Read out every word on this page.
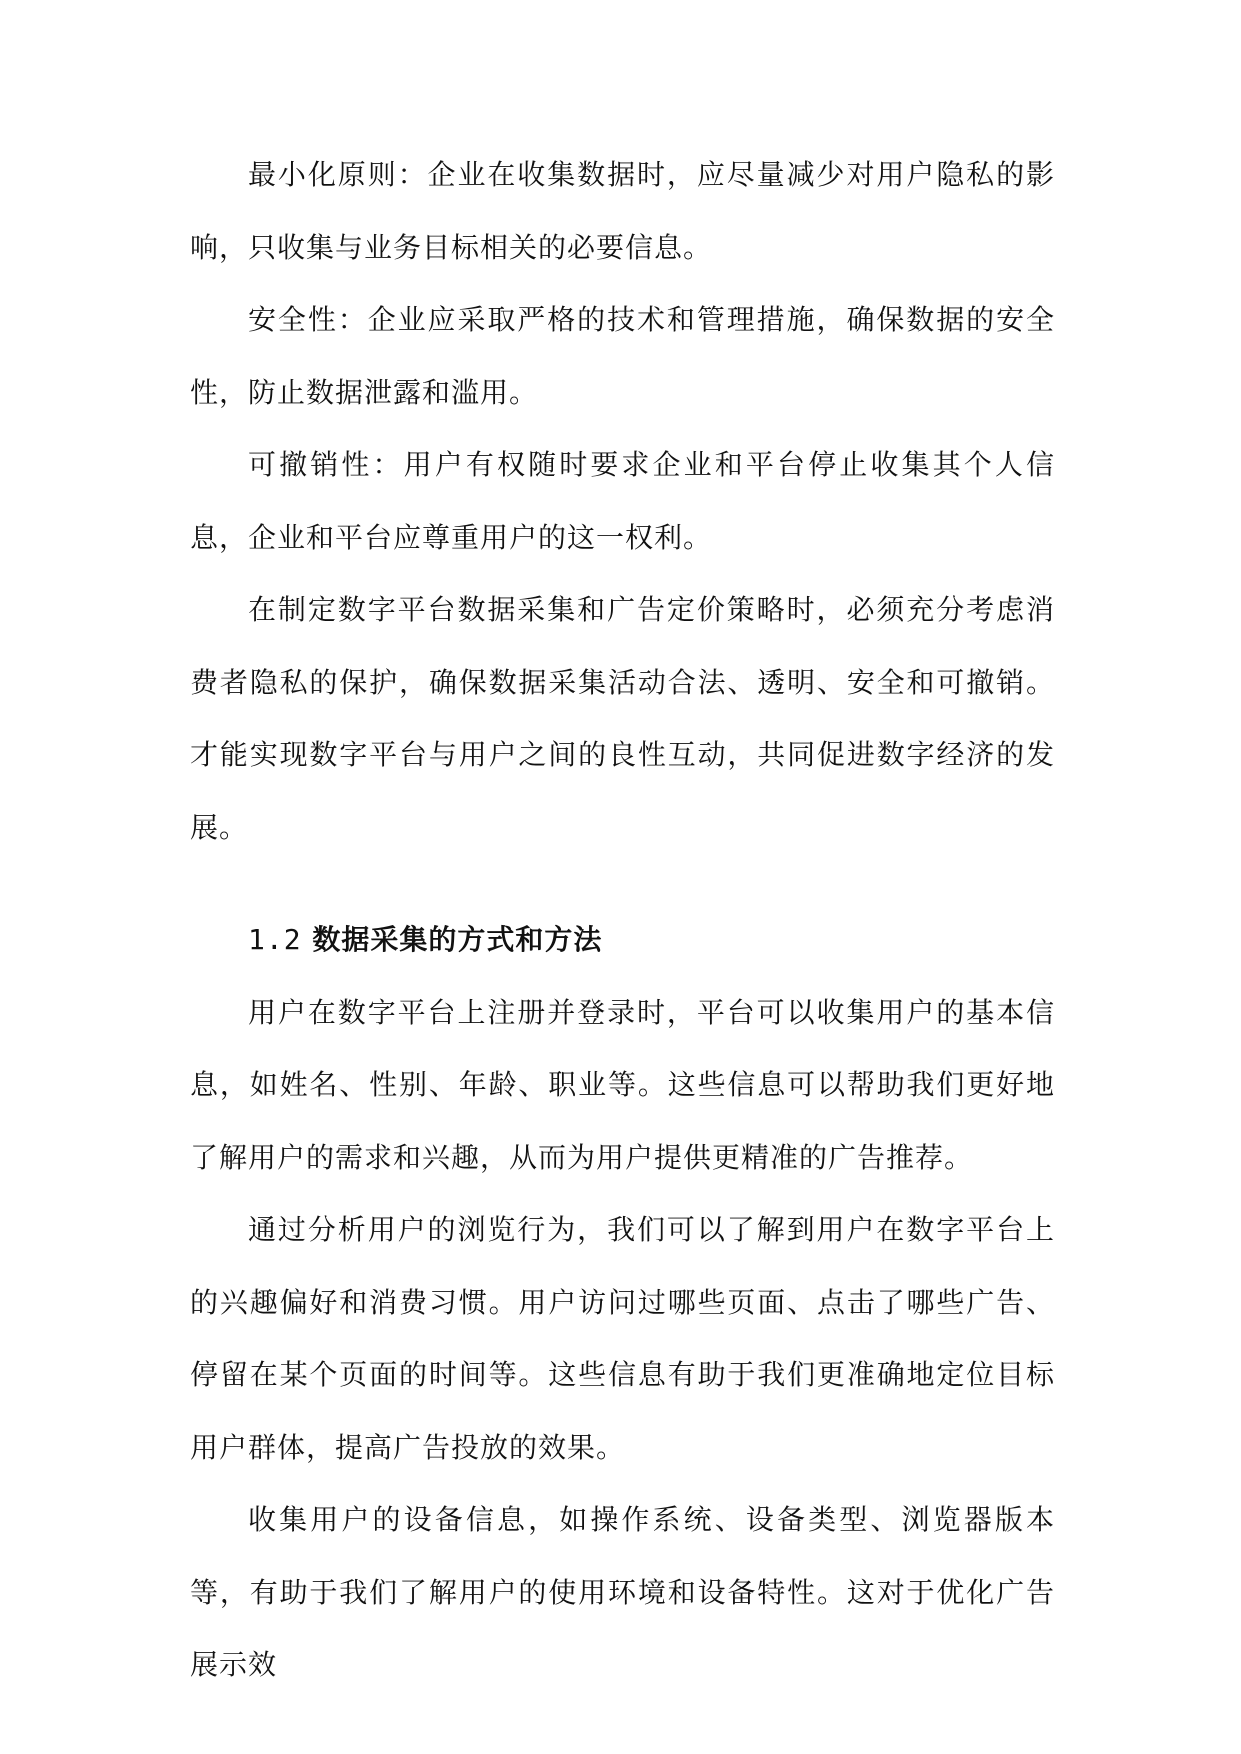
最小化原则：企业在收集数据时，应尽量减少对用户隐私的影响，只收集与业务目标相关的必要信息。

安全性：企业应采取严格的技术和管理措施，确保数据的安全性，防止数据泄露和滥用。

可撤销性：用户有权随时要求企业和平台停止收集其个人信息，企业和平台应尊重用户的这一权利。

在制定数字平台数据采集和广告定价策略时，必须充分考虑消费者隐私的保护，确保数据采集活动合法、透明、安全和可撤销。才能实现数字平台与用户之间的良性互动，共同促进数字经济的发展。

1.2 数据采集的方式和方法

用户在数字平台上注册并登录时，平台可以收集用户的基本信息，如姓名、性别、年龄、职业等。这些信息可以帮助我们更好地了解用户的需求和兴趣，从而为用户提供更精准的广告推荐。

通过分析用户的浏览行为，我们可以了解到用户在数字平台上的兴趣偏好和消费习惯。用户访问过哪些页面、点击了哪些广告、停留在某个页面的时间等。这些信息有助于我们更准确地定位目标用户群体，提高广告投放的效果。

收集用户的设备信息，如操作系统、设备类型、浏览器版本等，有助于我们了解用户的使用环境和设备特性。这对于优化广告展示效
